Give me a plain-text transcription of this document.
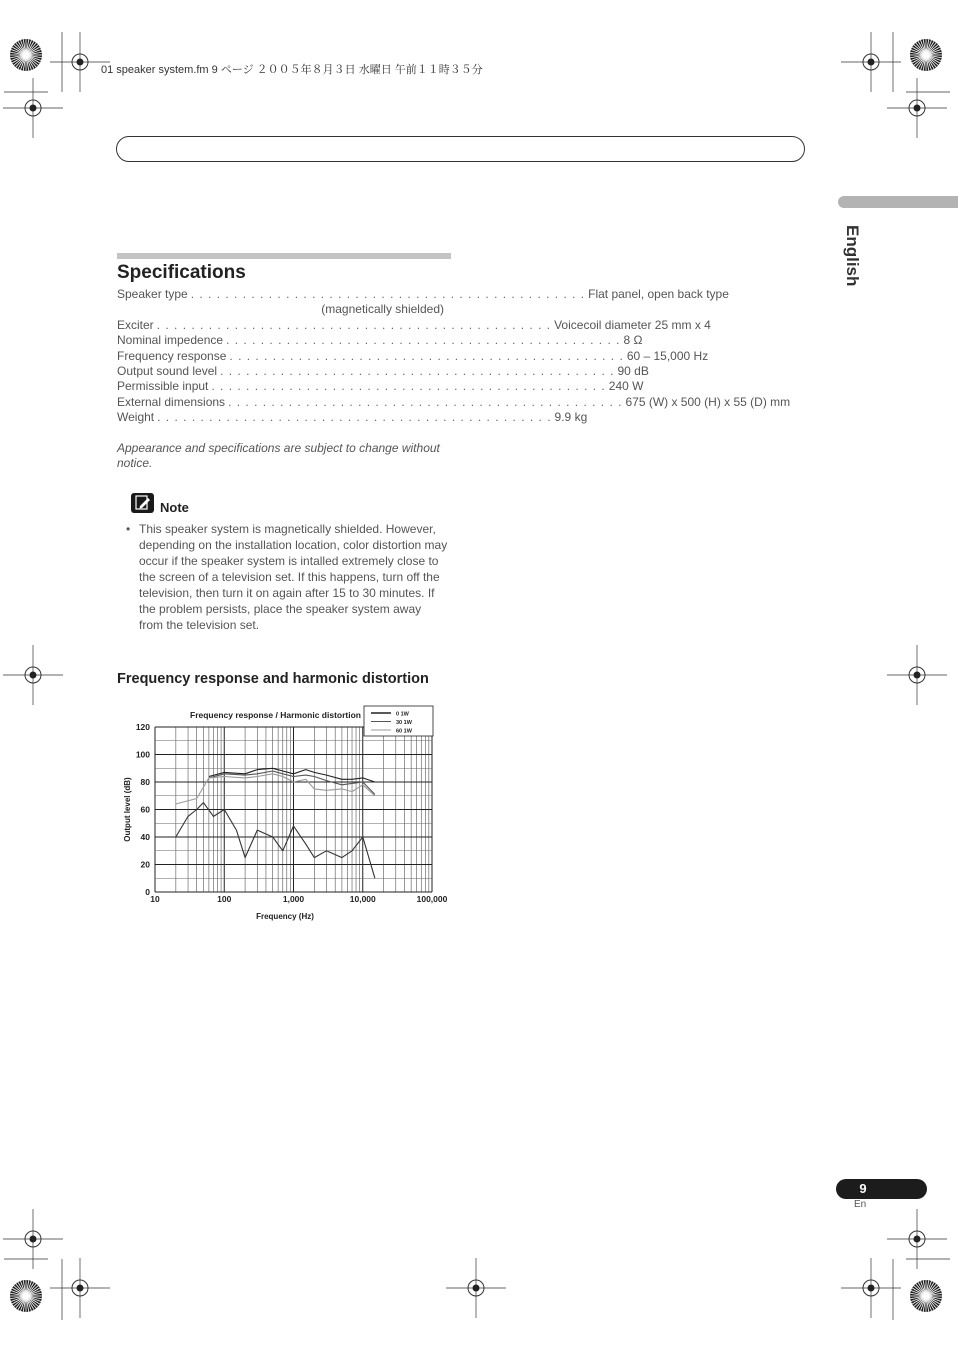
01 speaker system.fm 9 ページ ２００５年８月３日 水曜日 午前１１時３５分
English
Specifications
Speaker type . . . . . . . . . . . . . . . . . . . . . . . . . . . . . . . . . . . . . . . . . . . . . . Flat panel, open back type
(magnetically shielded)
Exciter . . . . . . . . . . . . . . . . . . . . . . . . . . . . . . . . . . . . . . . . . . . . . . Voicecoil diameter 25 mm x 4
Nominal impedence . . . . . . . . . . . . . . . . . . . . . . . . . . . . . . . . . . . . . . . . . . . . . . 8 Ω
Frequency response . . . . . . . . . . . . . . . . . . . . . . . . . . . . . . . . . . . . . . . . . . . . . . 60 – 15,000 Hz
Output sound level . . . . . . . . . . . . . . . . . . . . . . . . . . . . . . . . . . . . . . . . . . . . . . 90 dB
Permissible input . . . . . . . . . . . . . . . . . . . . . . . . . . . . . . . . . . . . . . . . . . . . . . 240 W
External dimensions . . . . . . . . . . . . . . . . . . . . . . . . . . . . . . . . . . . . . . . . . . . . . . 675 (W) x 500 (H) x 55 (D) mm
Weight . . . . . . . . . . . . . . . . . . . . . . . . . . . . . . . . . . . . . . . . . . . . . . 9.9 kg
Appearance and specifications are subject to change without notice.
Note
• This speaker system is magnetically shielded. However, depending on the installation location, color distortion may occur if the speaker system is intalled extremely close to the screen of a television set. If this happens, turn off the television, then turn it on again after 15 to 30 minutes. If the problem persists, place the speaker system away from the television set.
Frequency response and harmonic distortion
0
20
40
60
80
100
120
10	100	1,000	10,000	100,000
Frequency (Hz)
Output level (dB)
Frequency response / Harmonic distortion	0 1W
30 1W
60 1W
9
En
